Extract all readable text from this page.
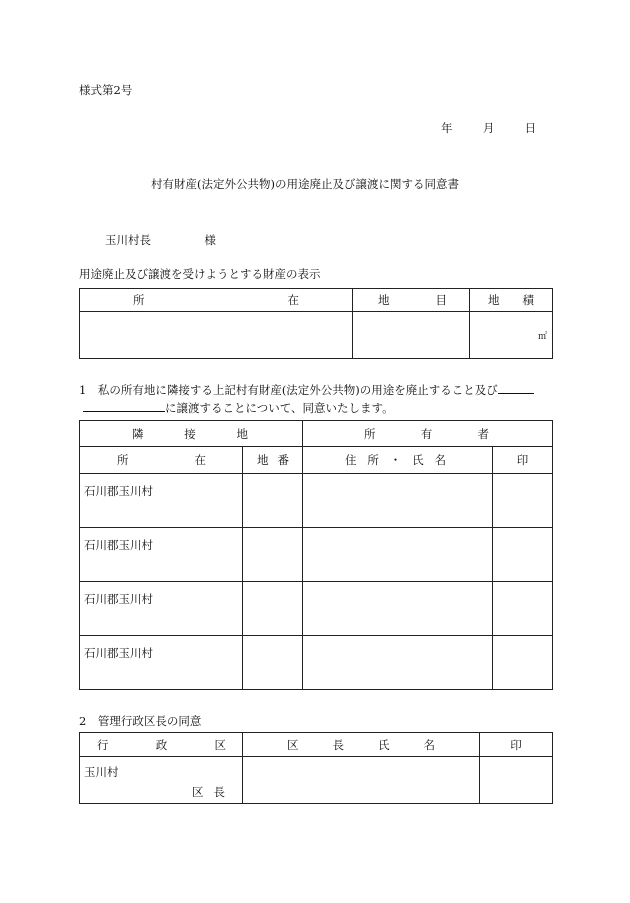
様式第2号
年	月	日
村有財産(法定外公共物)の用途廃止及び譲渡に関する同意書
玉川村長	様
用途廃止及び譲渡を受けようとする財産の表示
所 在	地 目	地 積

		㎡
1　私の所有地に隣接する上記村有財産(法定外公共物)の用途を廃止すること及び
に譲渡することについて、同意いたします。
隣 接 地		所 有 者	

所 在	地 番	住 所 ・ 氏 名	印
石川郡玉川村			
石川郡玉川村			
石川郡玉川村			
石川郡玉川村			
2　管理行政区長の同意
行 政 区	区 長 氏 名	印

玉川村
区 長		
